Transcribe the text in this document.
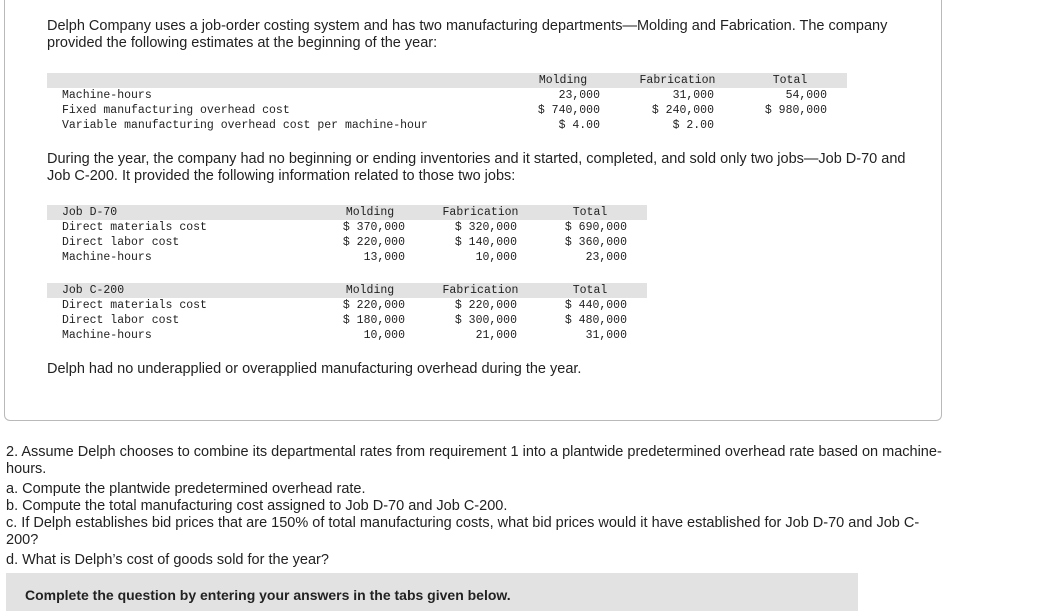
Delph Company uses a job-order costing system and has two manufacturing departments—Molding and Fabrication. The company provided the following estimates at the beginning of the year:

Molding	Fabrication	Total
Machine-hours	23,000	31,000	54,000
Fixed manufacturing overhead cost	$ 740,000	$ 240,000	$ 980,000
Variable manufacturing overhead cost per machine-hour	$ 4.00	$ 2.00

During the year, the company had no beginning or ending inventories and it started, completed, and sold only two jobs—Job D-70 and Job C-200. It provided the following information related to those two jobs:

Job D-70	Molding	Fabrication	Total
Direct materials cost	$ 370,000	$ 320,000	$ 690,000
Direct labor cost	$ 220,000	$ 140,000	$ 360,000
Machine-hours	13,000	10,000	23,000
Job C-200	Molding	Fabrication	Total
Direct materials cost	$ 220,000	$ 220,000	$ 440,000
Direct labor cost	$ 180,000	$ 300,000	$ 480,000
Machine-hours	10,000	21,000	31,000

Delph had no underapplied or overapplied manufacturing overhead during the year.

2. Assume Delph chooses to combine its departmental rates from requirement 1 into a plantwide predetermined overhead rate based on machine-hours.

a. Compute the plantwide predetermined overhead rate.

b. Compute the total manufacturing cost assigned to Job D-70 and Job C-200.

c. If Delph establishes bid prices that are 150% of total manufacturing costs, what bid prices would it have established for Job D-70 and Job C-200?

d. What is Delph’s cost of goods sold for the year?

Complete the question by entering your answers in the tabs given below.
